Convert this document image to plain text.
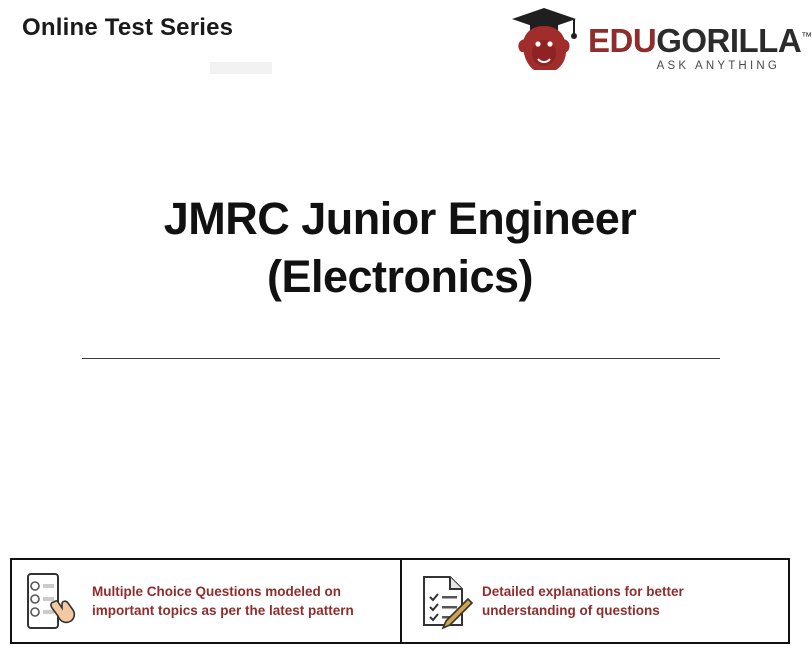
Online Test Series	EDUGORILLA™
ASK ANYTHING
JMRC Junior Engineer
(Electronics)
Multiple Choice Questions modeled on important topics as per the latest pattern
Detailed explanations for better understanding of questions
